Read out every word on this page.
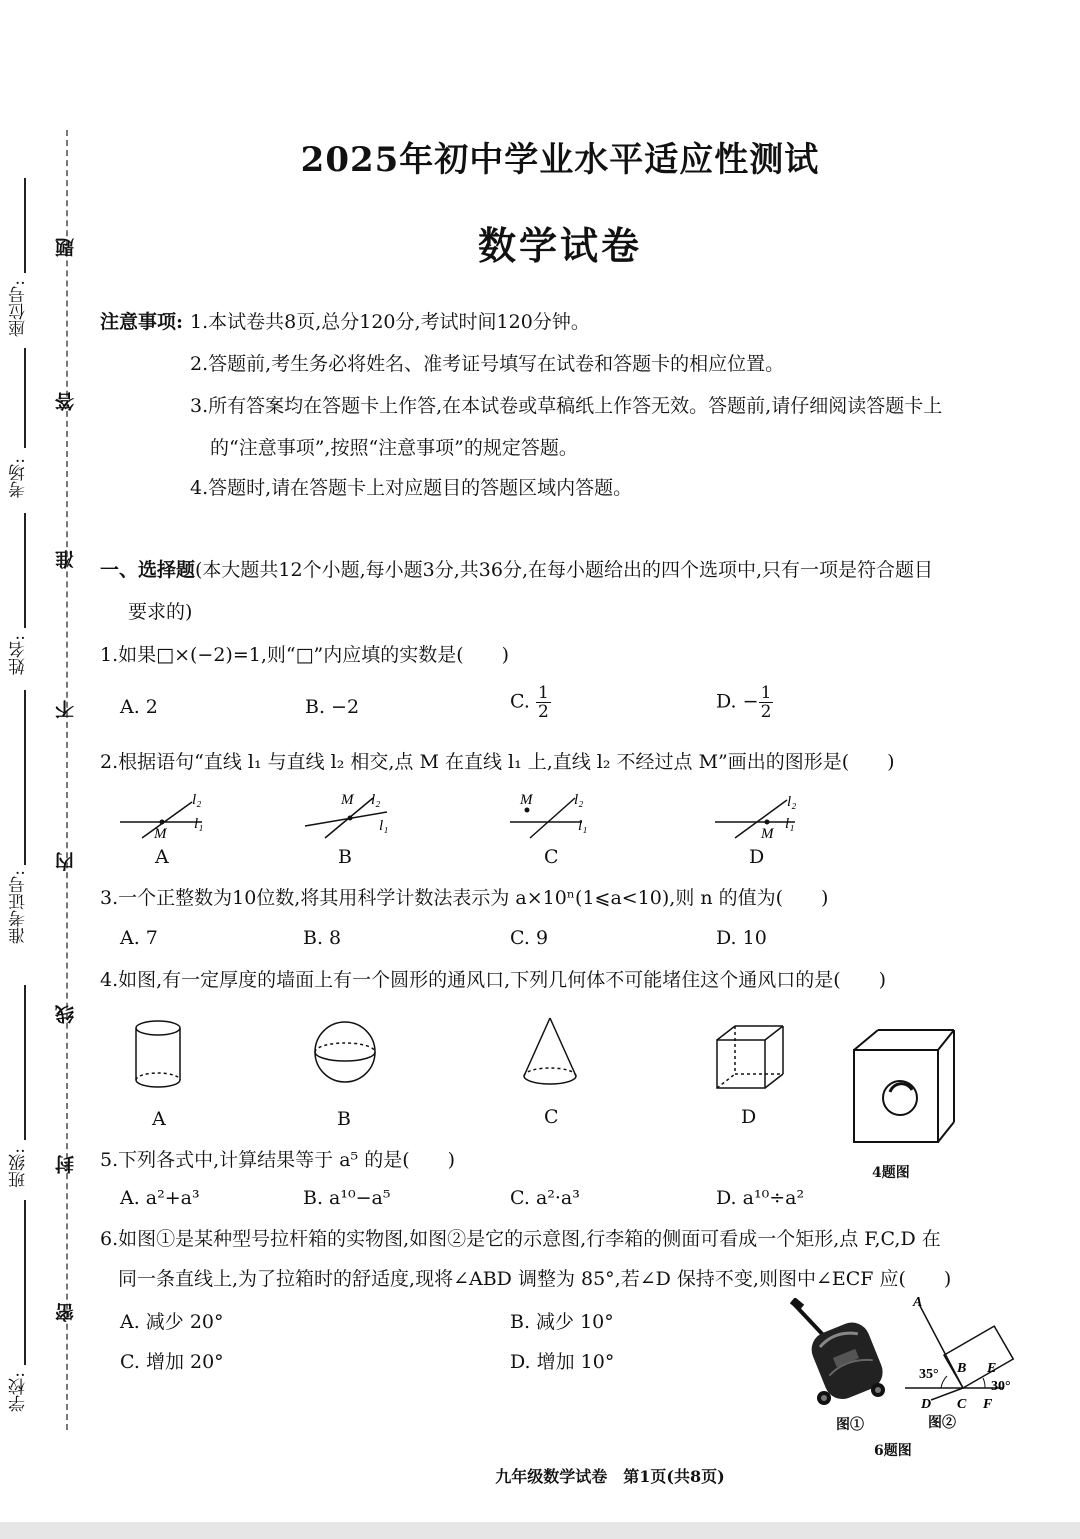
座位号:
考场:
姓名:
准考证号:
班级:
学校:
题
答
准
不
内
线
封
密
2025年初中学业水平适应性测试
数学试卷
注意事项: 1.本试卷共8页,总分120分,考试时间120分钟。
2.答题前,考生务必将姓名、准考证号填写在试卷和答题卡的相应位置。
3.所有答案均在答题卡上作答,在本试卷或草稿纸上作答无效。答题前,请仔细阅读答题卡上
的“注意事项”,按照“注意事项”的规定答题。
4.答题时,请在答题卡上对应题目的答题区域内答题。
一、选择题(本大题共12个小题,每小题3分,共36分,在每小题给出的四个选项中,只有一项是符合题目
要求的)
1.如果□×(−2)=1,则“□”内应填的实数是(　　)
A. 2	B. −2	C. $\frac{1}{2}$	D. − $\frac{1}{2}$
2.根据语句“直线 l₁ 与直线 l₂ 相交,点 M 在直线 l₁ 上,直线 l₂ 不经过点 M”画出的图形是(　　)
l₂
l₁
M
l₂
l₁
M	l₂
l₁
M	l₂
l₁
M
A	B	C	D
3.一个正整数为10位数,将其用科学计数法表示为 a×10ⁿ(1⩽a<10),则 n 的值为(　　)
A. 7	B. 8	C. 9	D. 10
4.如图,有一定厚度的墙面上有一个圆形的通风口,下列几何体不可能堵住这个通风口的是(　　)
A	B	C	D
4题图
5.下列各式中,计算结果等于 a⁵ 的是(　　)
A. a²+a³	B. a¹⁰−a⁵	C. a²·a³	D. a¹⁰÷a²
6.如图①是某种型号拉杆箱的实物图,如图②是它的示意图,行李箱的侧面可看成一个矩形,点 F,C,D 在
同一条直线上,为了拉箱时的舒适度,现将∠ABD 调整为 85°,若∠D 保持不变,则图中∠ECF 应(　　)
A. 减少 20°	B. 减少 10°
C. 增加 20°	D. 增加 10°
A
B
C
D
E
F
35°
30°
图①	图②
6题图
九年级数学试卷　第1页(共8页)
